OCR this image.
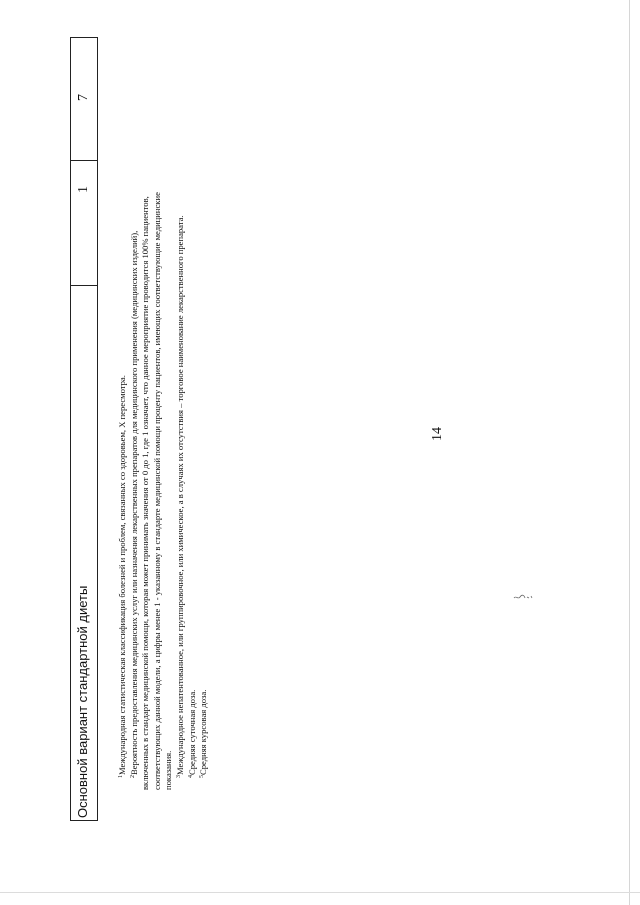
14
Основной вариант стандартной диеты
1
7
$^1$Международная статистическая классификация болезней и проблем, связанных со здоровьем, X пересмотра.
$^2$Вероятность предоставления медицинских услуг или назначения лекарственных препаратов для медицинского применения (медицинских изделий), включенных в стандарт медицинской помощи, которая может принимать значения от 0 до 1, где 1 означает, что данное мероприятие проводится 100% пациентов, соответствующих данной модели, а цифры менее 1 - указанному в стандарте медицинской помощи проценту пациентов, имеющих соответствующие медицинские показания. $^3$Международное непатентованное, или группировочное, или химическое, а в случаях их отсутствия – торговое наименование лекарственного препарата.
$^4$Средняя суточная доза.
$^5$Средняя курсовая доза.
